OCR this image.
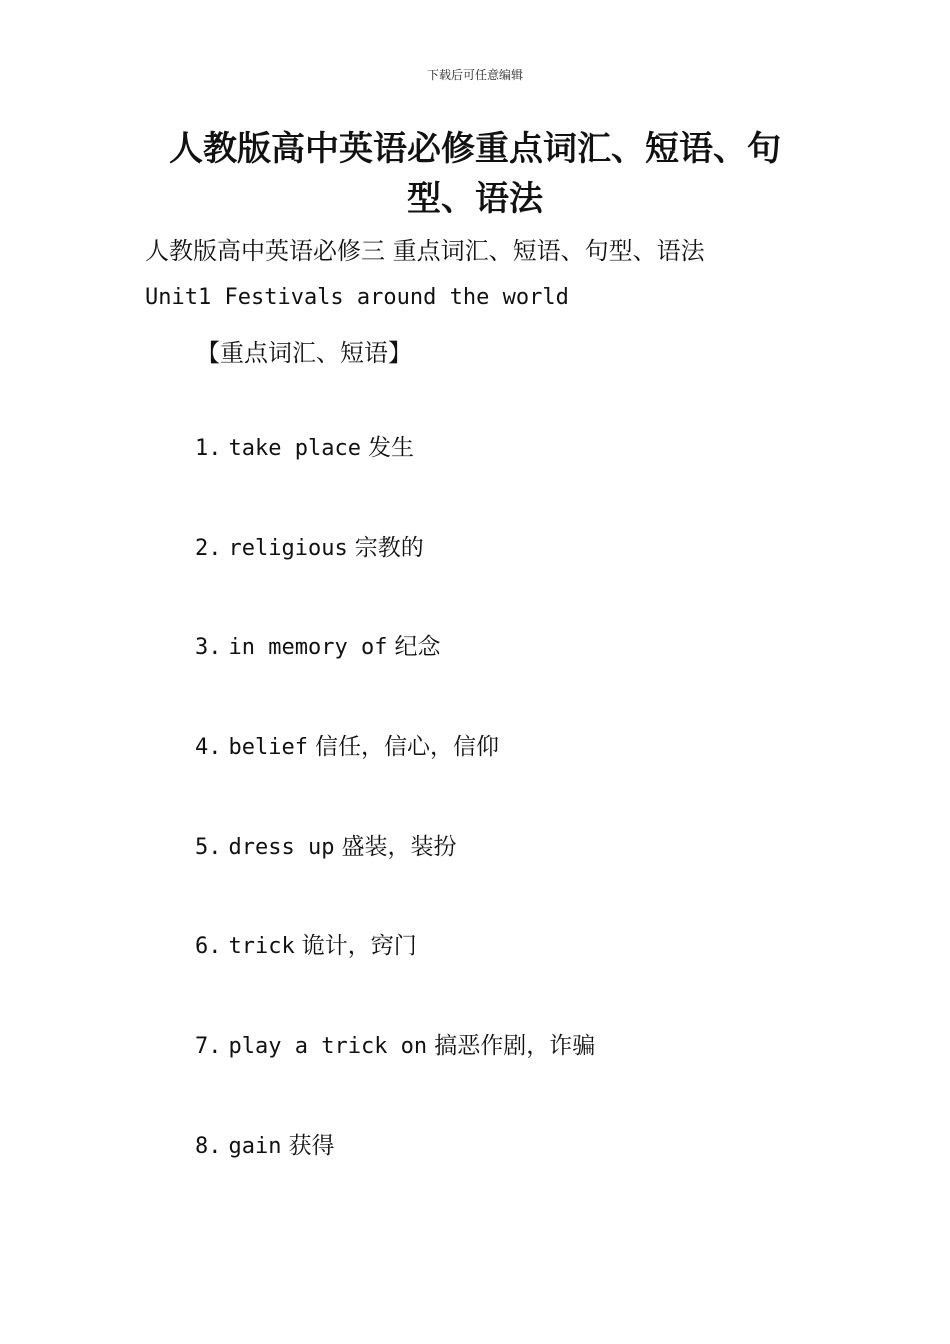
下载后可任意编辑
人教版高中英语必修重点词汇、短语、句型、语法
人教版高中英语必修三 重点词汇、短语、句型、语法
Unit1 Festivals around the world
【重点词汇、短语】
1. take place 发生
2. religious 宗教的
3. in memory of 纪念
4. belief 信任，信心，信仰
5. dress up 盛装，装扮
6. trick 诡计，窍门
7. play a trick on 搞恶作剧，诈骗
8. gain 获得
